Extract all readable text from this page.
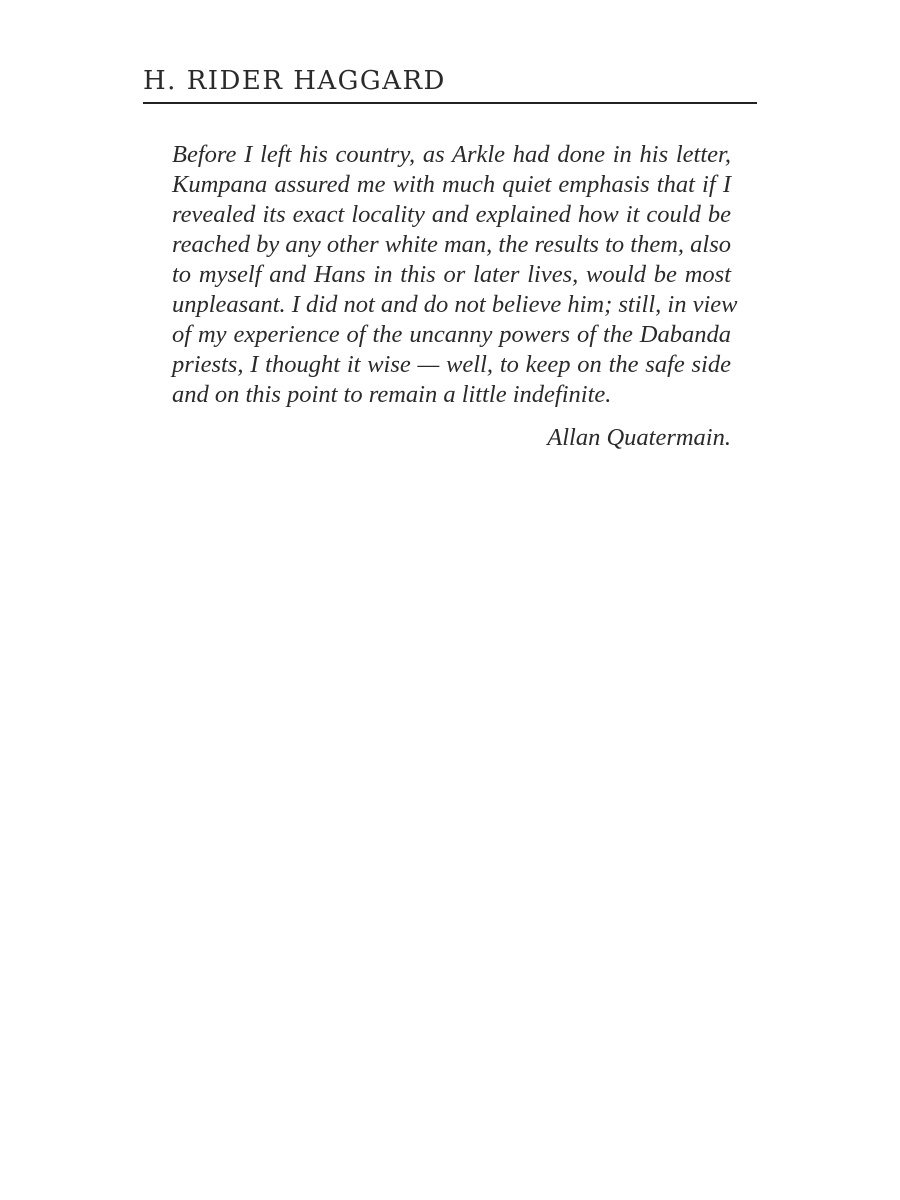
H. RIDER HAGGARD
Before I left his country, as Arkle had done in his letter,
Kumpana assured me with much quiet emphasis that if I
revealed its exact locality and explained how it could be
reached by any other white man, the results to them, also
to myself and Hans in this or later lives, would be most
unpleasant. I did not and do not believe him; still, in view
of my experience of the uncanny powers of the Dabanda
priests, I thought it wise — well, to keep on the safe side
and on this point to remain a little indefinite.
Allan Quatermain.
